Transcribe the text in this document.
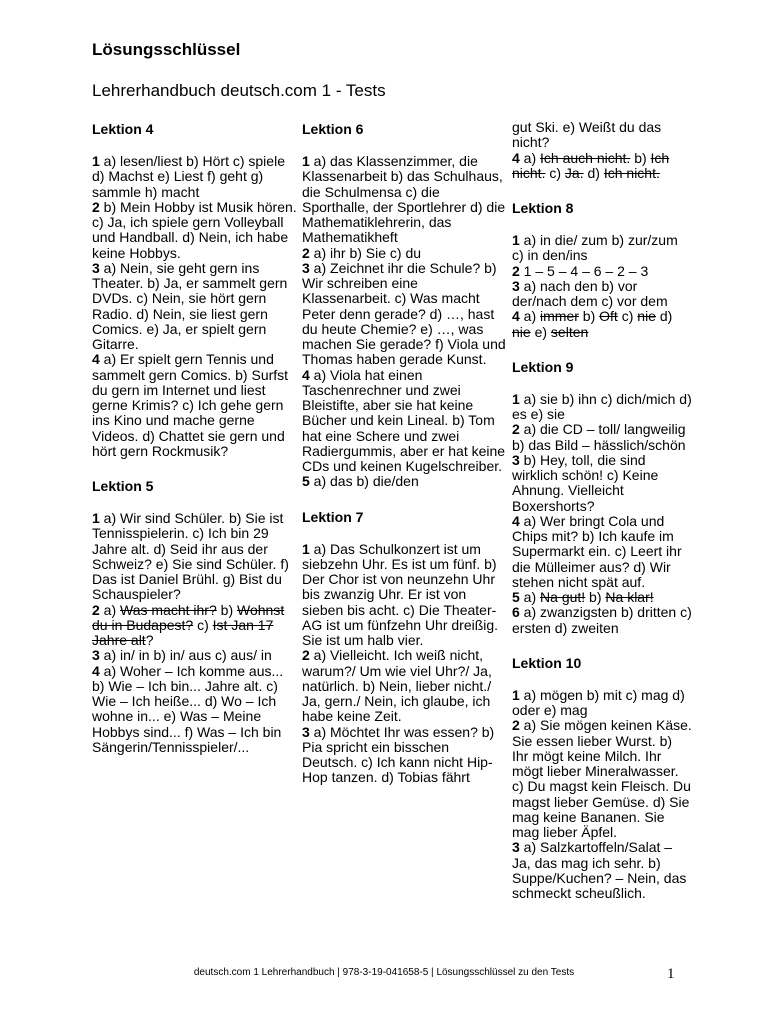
Lösungsschlüssel
Lehrerhandbuch deutsch.com 1 - Tests
Lektion 4

1 a) lesen/liest b) Hört c) spiele d) Machst e) Liest f) geht g) sammle h) macht

2 b) Mein Hobby ist Musik hören. c) Ja, ich spiele gern Volleyball und Handball. d) Nein, ich habe keine Hobbys.

3 a) Nein, sie geht gern ins Theater. b) Ja, er sammelt gern DVDs. c) Nein, sie hört gern Radio. d) Nein, sie liest gern Comics. e) Ja, er spielt gern Gitarre.

4 a) Er spielt gern Tennis und sammelt gern Comics. b) Surfst du gern im Internet und liest gerne Krimis? c) Ich gehe gern ins Kino und mache gerne Videos. d) Chattet sie gern und hört gern Rockmusik?

Lektion 5

1 a) Wir sind Schüler. b) Sie ist Tennisspielerin. c) Ich bin 29 Jahre alt. d) Seid ihr aus der Schweiz? e) Sie sind Schüler. f) Das ist Daniel Brühl. g) Bist du Schauspieler?

2 a) Was macht ihr? b) Wohnst du in Budapest? c) Ist Jan 17 Jahre alt?

3 a) in/ in b) in/ aus c) aus/ in

4 a) Woher – Ich komme aus... b) Wie – Ich bin... Jahre alt. c) Wie – Ich heiße... d) Wo – Ich wohne in... e) Was – Meine Hobbys sind... f) Was – Ich bin Sängerin/Tennisspieler/...

Lektion 6

1 a) das Klassenzimmer, die Klassenarbeit b) das Schulhaus, die Schulmensa c) die Sporthalle, der Sportlehrer d) die Mathematiklehrerin, das Mathematikheft

2 a) ihr b) Sie c) du

3 a) Zeichnet ihr die Schule? b) Wir schreiben eine Klassenarbeit. c) Was macht Peter denn gerade? d) …, hast du heute Chemie? e) …, was machen Sie gerade? f) Viola und Thomas haben gerade Kunst.

4 a) Viola hat einen Taschenrechner und zwei Bleistifte, aber sie hat keine Bücher und kein Lineal. b) Tom hat eine Schere und zwei Radiergummis, aber er hat keine CDs und keinen Kugelschreiber.

5 a) das b) die/den

Lektion 7

1 a) Das Schulkonzert ist um siebzehn Uhr. Es ist um fünf. b) Der Chor ist von neunzehn Uhr bis zwanzig Uhr. Er ist von sieben bis acht. c) Die Theater-AG ist um fünfzehn Uhr dreißig. Sie ist um halb vier.

2 a) Vielleicht. Ich weiß nicht, warum?/ Um wie viel Uhr?/ Ja, natürlich. b) Nein, lieber nicht./ Ja, gern./ Nein, ich glaube, ich habe keine Zeit.

3 a) Möchtet Ihr was essen? b) Pia spricht ein bisschen Deutsch. c) Ich kann nicht Hip-Hop tanzen. d) Tobias fährt

gut Ski. e) Weißt du das nicht?

4 a) Ich auch nicht. b) Ich nicht. c) Ja. d) Ich nicht.

Lektion 8

1 a) in die/ zum b) zur/zum c) in den/ins

2 1 – 5 – 4 – 6 – 2 – 3

3 a) nach den b) vor der/nach dem c) vor dem

4 a) immer b) Oft c) nie d) nie e) selten

Lektion 9

1 a) sie b) ihn c) dich/mich d) es e) sie

2 a) die CD – toll/ langweilig b) das Bild – hässlich/schön

3 b) Hey, toll, die sind wirklich schön! c) Keine Ahnung. Vielleicht Boxershorts?

4 a) Wer bringt Cola und Chips mit? b) Ich kaufe im Supermarkt ein. c) Leert ihr die Mülleimer aus? d) Wir stehen nicht spät auf.

5 a) Na gut! b) Na klar!

6 a) zwanzigsten b) dritten c) ersten d) zweiten

Lektion 10

1 a) mögen b) mit c) mag d) oder e) mag

2 a) Sie mögen keinen Käse. Sie essen lieber Wurst. b) Ihr mögt keine Milch. Ihr mögt lieber Mineralwasser. c) Du magst kein Fleisch. Du magst lieber Gemüse. d) Sie mag keine Bananen. Sie mag lieber Äpfel.

3 a) Salzkartoffeln/Salat – Ja, das mag ich sehr. b) Suppe/Kuchen? – Nein, das schmeckt scheußlich.

deutsch.com 1 Lehrerhandbuch | 978-3-19-041658-5 | Lösungsschlüssel zu den Tests	1
